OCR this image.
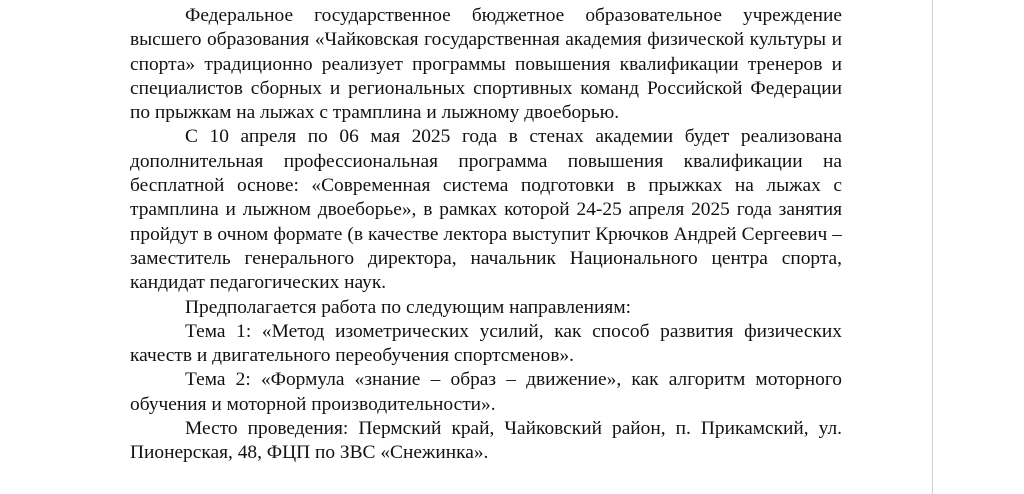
Федеральное государственное бюджетное образовательное учреждение высшего образования «Чайковская государственная академия физической культуры и спорта» традиционно реализует программы повышения квалификации тренеров и специалистов сборных и региональных спортивных команд Российской Федерации по прыжкам на лыжах с трамплина и лыжному двоеборью.

С 10 апреля по 06 мая 2025 года в стенах академии будет реализована дополнительная профессиональная программа повышения квалификации на бесплатной основе: «Современная система подготовки в прыжках на лыжах с трамплина и лыжном двоеборье», в рамках которой 24-25 апреля 2025 года занятия пройдут в очном формате (в качестве лектора выступит Крючков Андрей Сергеевич – заместитель генерального директора, начальник Национального центра спорта, кандидат педагогических наук.

Предполагается работа по следующим направлениям:

Тема 1: «Метод изометрических усилий, как способ развития физических качеств и двигательного переобучения спортсменов».

Тема 2: «Формула «знание – образ – движение», как алгоритм моторного обучения и моторной производительности».

Место проведения: Пермский край, Чайковский район, п. Прикамский, ул. Пионерская, 48, ФЦП по ЗВС «Снежинка».
